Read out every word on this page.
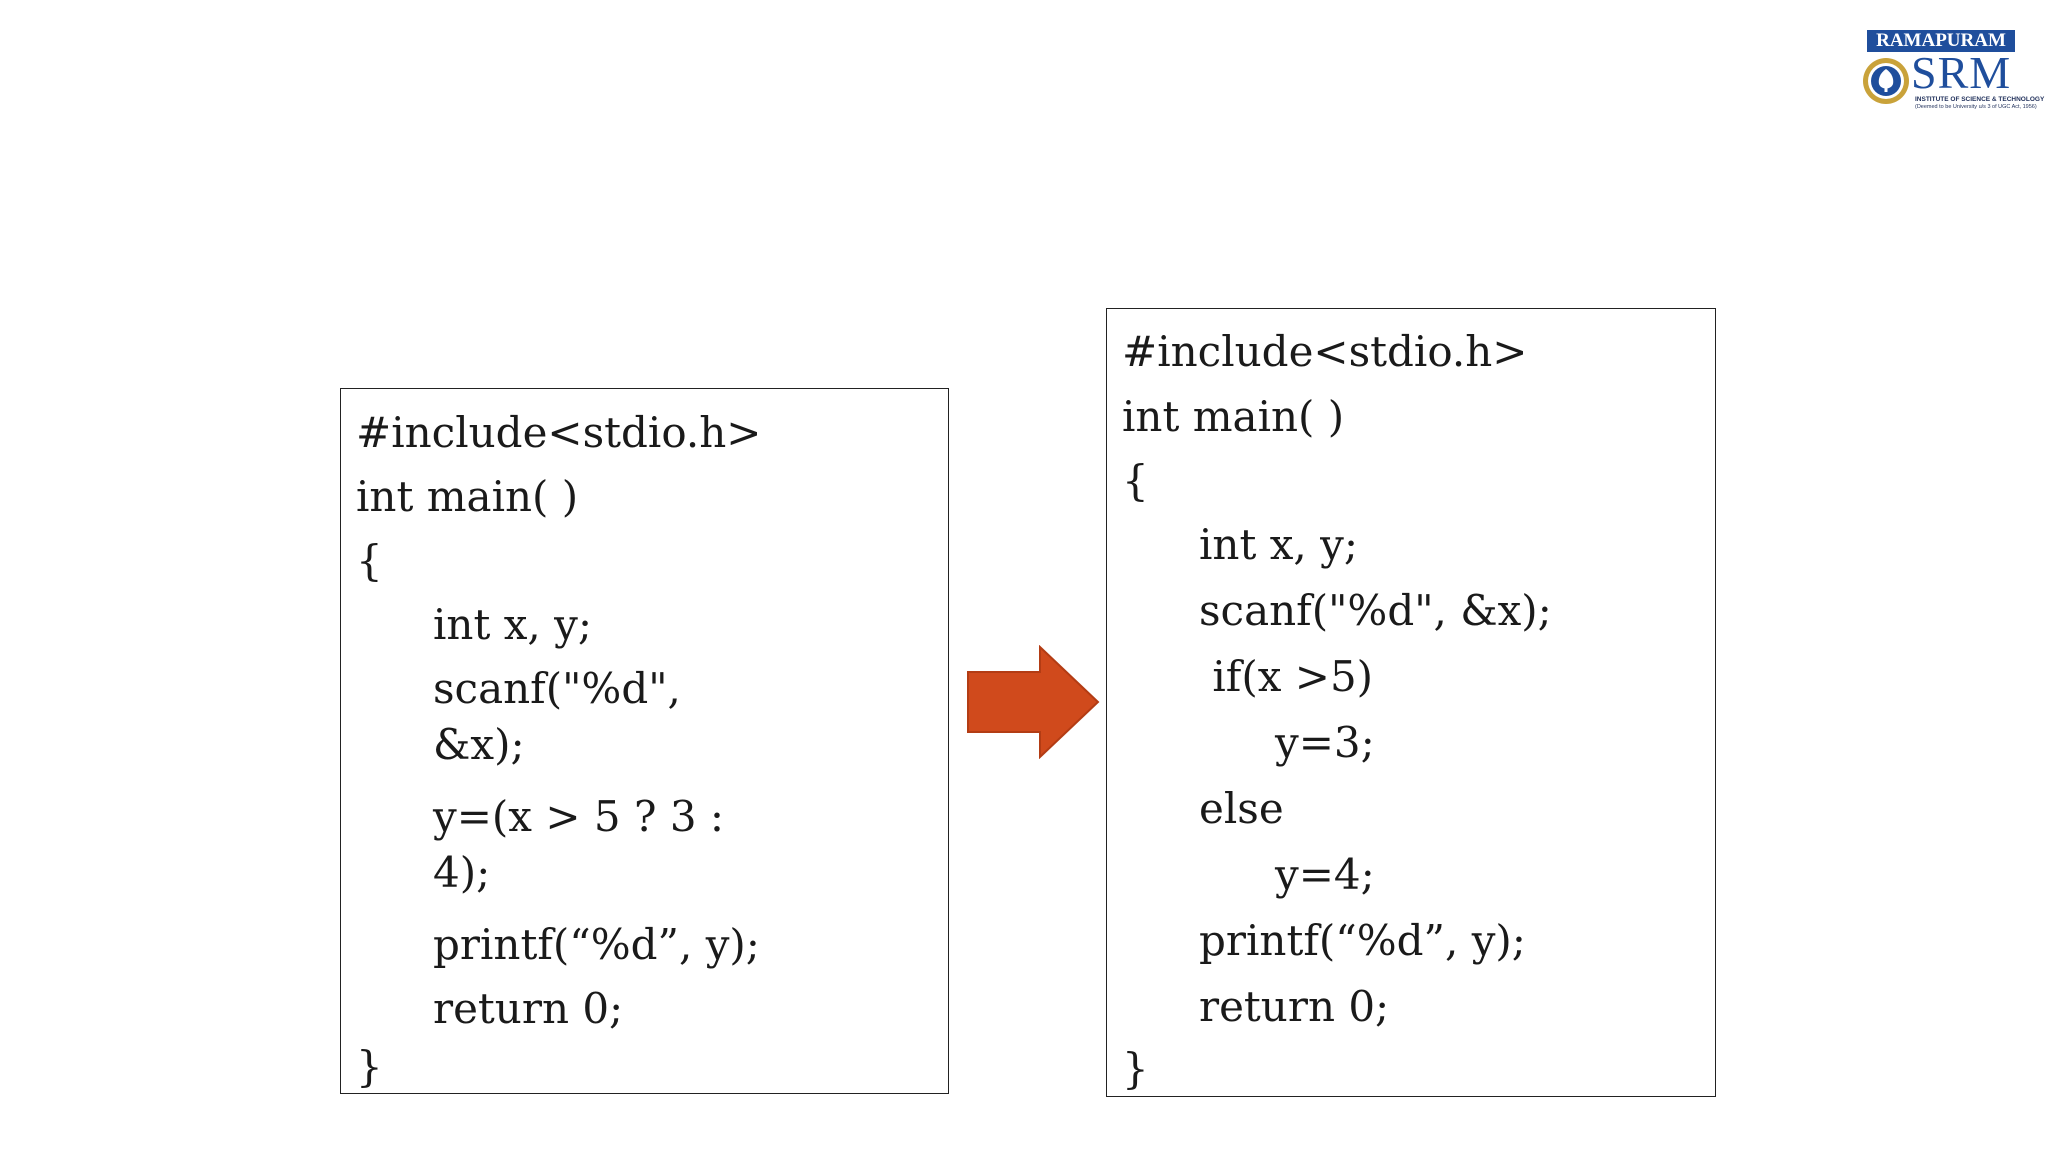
RAMAPURAM
SRM
INSTITUTE OF SCIENCE & TECHNOLOGY
(Deemed to be University u/s 3 of UGC Act, 1956)
#include<stdio.h>
int main( )
{
int x, y;
scanf("%d",
&x);
y=(x > 5 ? 3 :
4);
printf(“%d”, y);
return 0;
}
#include<stdio.h>
int main( )
{
int x, y;
scanf("%d", &x);
if(x >5)
y=3;
else
y=4;
printf(“%d”, y);
return 0;
}
